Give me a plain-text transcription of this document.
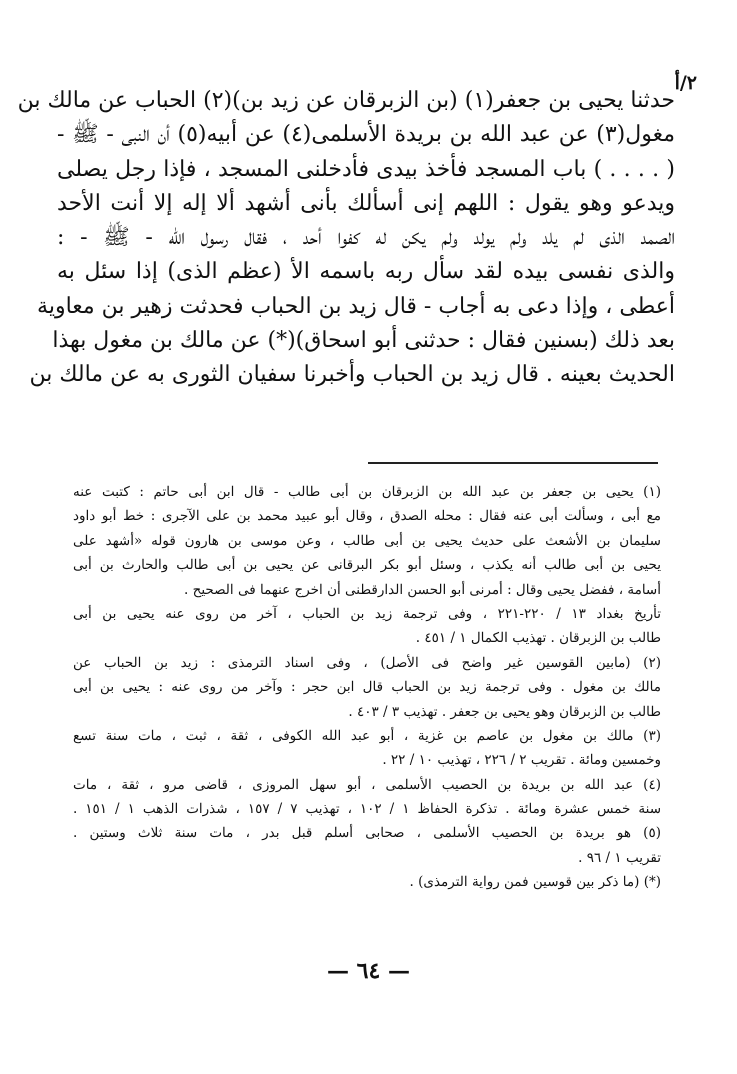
٢/أ
حدثنا يحيى بن جعفر(١) (بن الزبرقان عن زيد بن)(٢) الحباب عن مالك بن
مغول(٣) عن عبد الله بن بريدة الأسلمى(٤) عن أبيه(٥) أن النبى - ﷺ -
( . . . . ) باب المسجد فأخذ بيدى فأدخلنى المسجد ، فإذا رجل يصلى
ويدعو وهو يقول : اللهم إنى أسألك بأنى أشهد ألا إله إلا أنت الأحد
الصمد الذى لم يلد ولم يولد ولم يكن له كفوا أحد ، فقال رسول الله - ﷺ - :
والذى نفسى بيده لقد سأل ربه باسمه الأ (عظم الذى) إذا سئل به
أعطى ، وإذا دعى به أجاب - قال زيد بن الحباب فحدثت زهير بن معاوية
بعد ذلك (بسنين فقال : حدثنى أبو اسحاق)(*) عن مالك بن مغول بهذا
الحديث بعينه . قال زيد بن الحباب وأخبرنا سفيان الثورى به عن مالك بن
(١) يحيى بن جعفر بن عبد الله بن الزبرقان بن أبى طالب - قال ابن أبى حاتم : كتبت عنه
مع أبى ، وسألت أبى عنه فقال : محله الصدق ، وقال أبو عبيد محمد بن على الآجرى : خط أبو داود
سليمان بن الأشعث على حديث يحيى بن أبى طالب ، وعن موسى بن هارون قوله «أشهد على
يحيى بن أبى طالب أنه يكذب ، وسئل أبو بكر البرقانى عن يحيى بن أبى طالب والحارث بن أبى
أسامة ، ففضل يحيى وقال : أمرنى أبو الحسن الدارقطنى أن اخرج عنهما فى الصحيح .
تأريخ بغداد ١٣ / ٢٢٠-٢٢١ ، وفى ترجمة زيد بن الحباب ، آخر من روى عنه يحيى بن أبى
طالب بن الزبرقان . تهذيب الكمال ١ / ٤٥١ .
(٢) (مابين القوسين غير واضح فى الأصل) ، وفى اسناد الترمذى : زيد بن الحباب عن
مالك بن مغول . وفى ترجمة زيد بن الحباب قال ابن حجر : وآخر من روى عنه : يحيى بن أبى
طالب بن الزبرقان وهو يحيى بن جعفر . تهذيب ٣ / ٤٠٣ .
(٣) مالك بن مغول بن عاصم بن غزية ، أبو عبد الله الكوفى ، ثقة ، ثبت ، مات سنة تسع
وخمسين ومائة . تقريب ٢ / ٢٢٦ ، تهذيب ١٠ / ٢٢ .
(٤) عبد الله بن بريدة بن الحصيب الأسلمى ، أبو سهل المروزى ، قاضى مرو ، ثقة ، مات
سنة خمس عشرة ومائة . تذكرة الحفاظ ١ / ١٠٢ ، تهذيب ٧ / ١٥٧ ، شذرات الذهب ١ / ١٥١ .
(٥) هو بريدة بن الحصيب الأسلمى ، صحابى أسلم قبل بدر ، مات سنة ثلاث وستين .
تقريب ١ / ٩٦ .
(*) (ما ذكر بين قوسين فمن رواية الترمذى) .
— ٦٤ —
